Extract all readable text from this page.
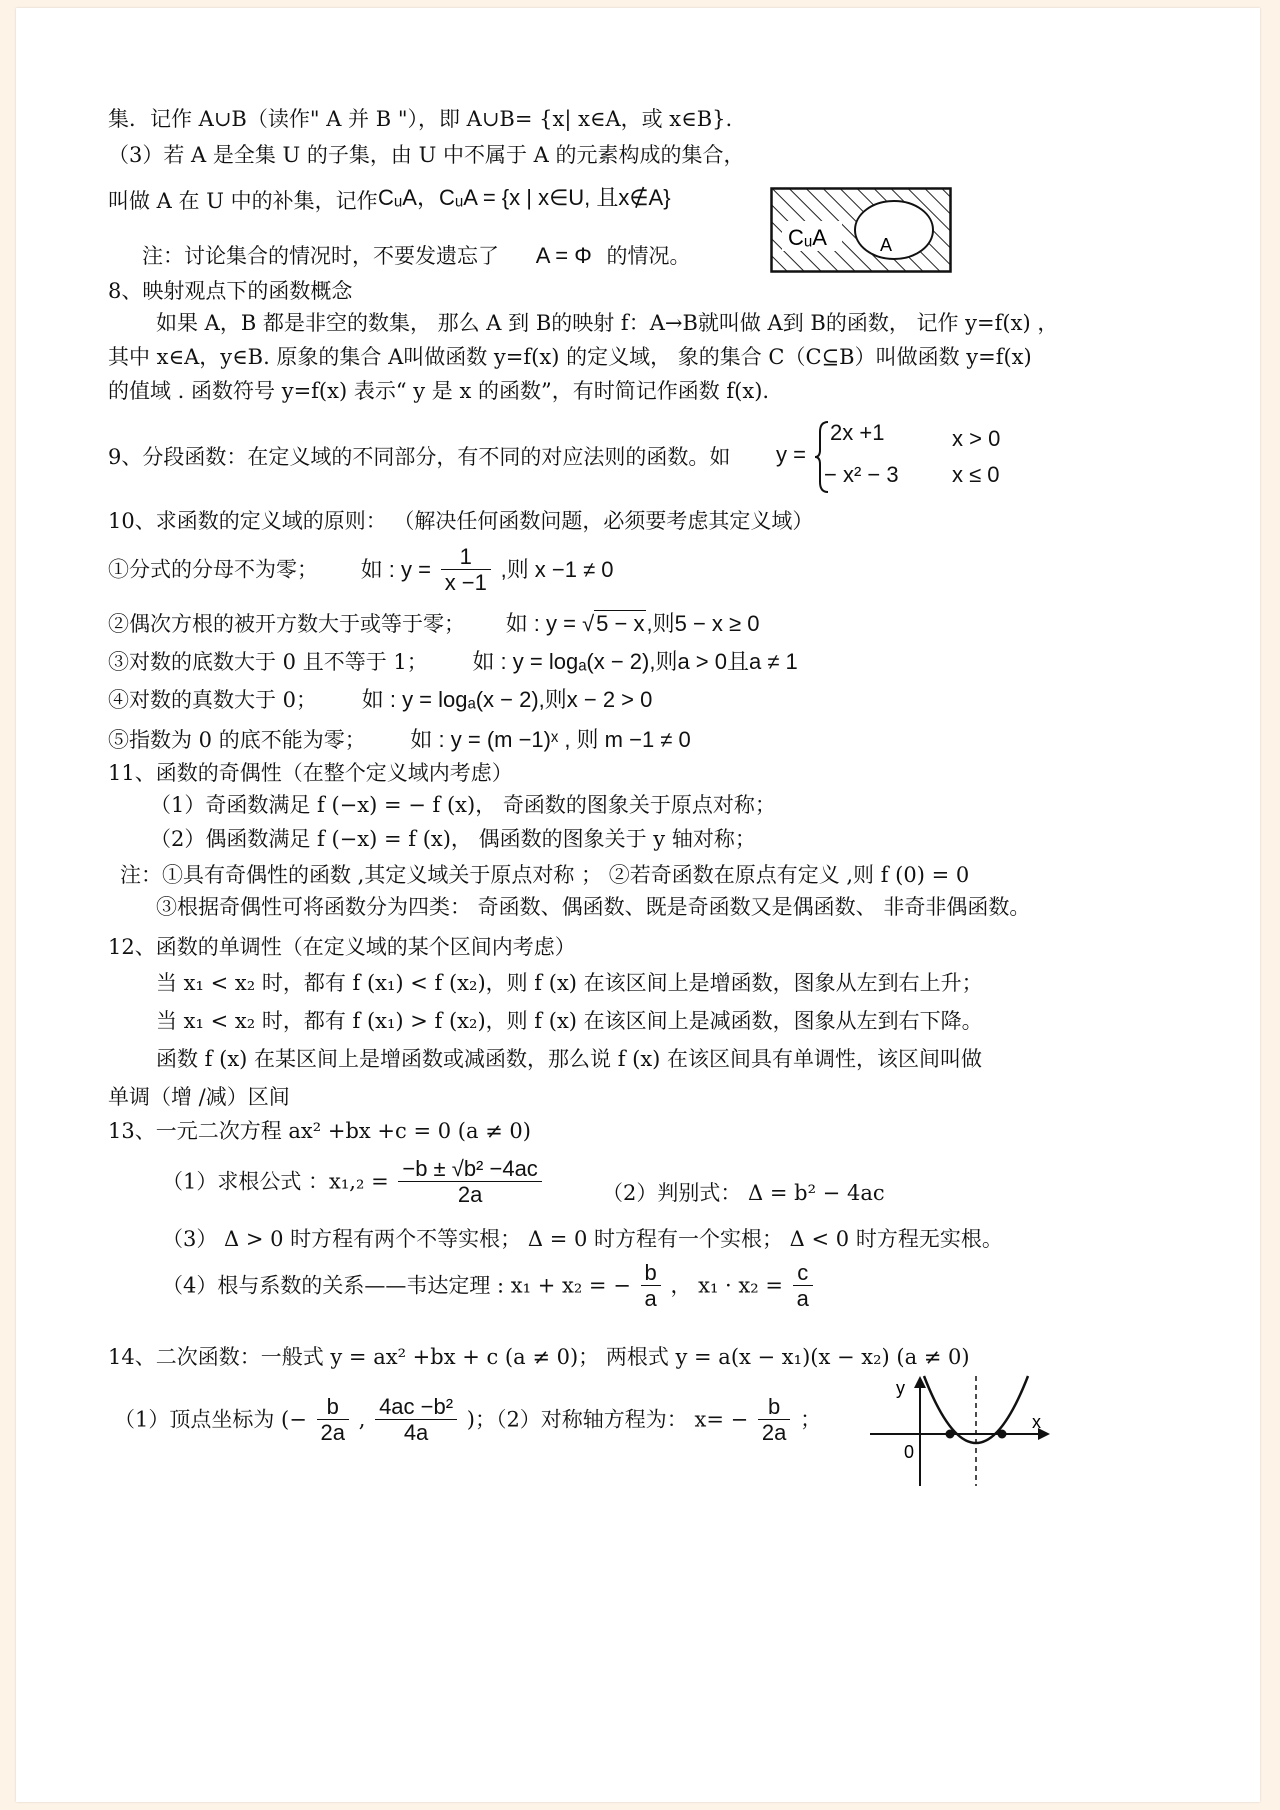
集．记作 A∪B（读作" A 并 B "），即 A∪B= {x| x∈A，或 x∈B}.
（3）若 A 是全集 U 的子集，由 U 中不属于 A 的元素构成的集合，
叫做 A 在 U 中的补集，记作 CᵤA，CᵤA = {x | x∈U, 且x∉A}
注：讨论集合的情况时，不要发遗忘了 A = Φ 的情况。
CᵤA	A
8、映射观点下的函数概念
如果 A，B 都是非空的数集， 那么 A 到 B的映射 f：A→B就叫做 A到 B的函数， 记作 y=f(x) ，
其中 x∈A，y∈B. 原象的集合 A叫做函数 y=f(x) 的定义域， 象的集合 C（C⊆B）叫做函数 y=f(x)
的值域 . 函数符号 y=f(x) 表示“ y 是 x 的函数”，有时简记作函数 f(x).
9、分段函数：在定义域的不同部分，有不同的对应法则的函数。如 y =
2x +1	x > 0
− x² − 3 x ≤ 0
10、求函数的定义域的原则： （解决任何函数问题，必须要考虑其定义域）
①分式的分母不为零； 如 : $y = \frac{1}{x -1}$ ,则 x −1 ≠ 0
②偶次方根的被开方数大于或等于零； 如 : y = √5 − x,则5 − x ≥ 0
③对数的底数大于 0 且不等于 1； 如 : y = logₐ(x − 2),则a > 0且a ≠ 1
④对数的真数大于 0； 如 : y = logₐ(x − 2),则x − 2 > 0
⑤指数为 0 的底不能为零； 如 : y = (m −1)ˣ , 则 m −1 ≠ 0
11、函数的奇偶性（在整个定义域内考虑）
（1）奇函数满足 f (−x) = − f (x)， 奇函数的图象关于原点对称；
（2）偶函数满足 f (−x) = f (x)， 偶函数的图象关于 y 轴对称；
注：①具有奇偶性的函数 ,其定义域关于原点对称 ； ②若奇函数在原点有定义 ,则 f (0) = 0
③根据奇偶性可将函数分为四类： 奇函数、偶函数、既是奇函数又是偶函数、 非奇非偶函数。
12、函数的单调性（在定义域的某个区间内考虑）
当 x₁ < x₂ 时，都有 f (x₁) < f (x₂)，则 f (x) 在该区间上是增函数，图象从左到右上升；
当 x₁ < x₂ 时，都有 f (x₁) > f (x₂)，则 f (x) 在该区间上是减函数，图象从左到右下降。
函数 f (x) 在某区间上是增函数或减函数，那么说 f (x) 在该区间具有单调性，该区间叫做
单调（增 /减）区间
13、一元二次方程 ax² +bx +c = 0 (a ≠ 0)
（1）求根公式 ：$x_1,_2 = \frac{\text{−b ± √b² −4ac}}{2a}$	（2）判别式： Δ = b² − 4ac
（3） Δ > 0 时方程有两个不等实根； Δ = 0 时方程有一个实根； Δ < 0 时方程无实根。
（4）根与系数的关系——韦达定理 : x₁ + x₂ = − $\frac{b}{a}$ ， $x_1 \cdot x_2 = \frac{c}{a}$
14、二次函数：一般式 y = ax² +bx + c (a ≠ 0)； 两根式 y = a(x − x₁)(x − x₂) (a ≠ 0)
（1）顶点坐标为 (− $\frac{b}{2a}$ , $\frac{\text{4ac −b²}}{4a}$ )；（2）对称轴方程为： $x= - \frac{b}{2a}$ ；
y
x
0
